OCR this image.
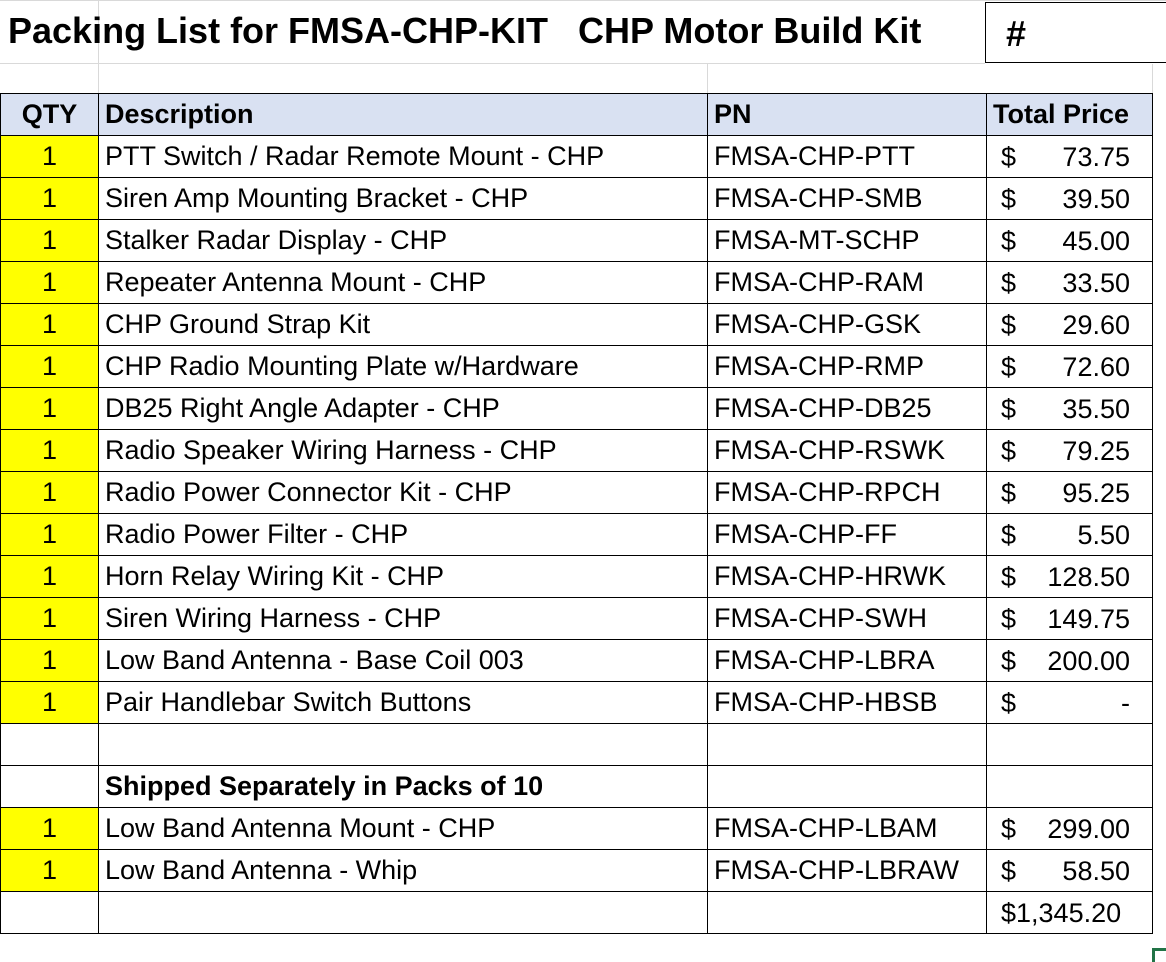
Packing List for FMSA-CHP-KIT   CHP Motor Build Kit #
QTY	Description	PN	Total Price
1	PTT Switch / Radar Remote Mount - CHP	FMSA-CHP-PTT	$ 73.75

1	Siren Amp Mounting Bracket - CHP	FMSA-CHP-SMB	$ 39.50

1	Stalker Radar Display - CHP	FMSA-MT-SCHP	$ 45.00

1	Repeater Antenna Mount - CHP	FMSA-CHP-RAM	$ 33.50

1	CHP Ground Strap Kit	FMSA-CHP-GSK	$ 29.60

1	CHP Radio Mounting Plate w/Hardware	FMSA-CHP-RMP	$ 72.60

1	DB25 Right Angle Adapter - CHP	FMSA-CHP-DB25	$ 35.50

1	Radio Speaker Wiring Harness - CHP	FMSA-CHP-RSWK	$ 79.25

1	Radio Power Connector Kit - CHP	FMSA-CHP-RPCH	$ 95.25

1	Radio Power Filter - CHP	FMSA-CHP-FF	$ 5.50

1	Horn Relay Wiring Kit - CHP	FMSA-CHP-HRWK	$ 128.50

1	Siren Wiring Harness - CHP	FMSA-CHP-SWH	$ 149.75

1	Low Band Antenna - Base Coil 003	FMSA-CHP-LBRA	$ 200.00

1	Pair Handlebar Switch Buttons	FMSA-CHP-HBSB	$ -

	Shipped Separately in Packs of 10		
1	Low Band Antenna Mount - CHP	FMSA-CHP-LBAM	$ 299.00

1	Low Band Antenna - Whip	FMSA-CHP-LBRAW	$ 58.50

			$1,345.20
